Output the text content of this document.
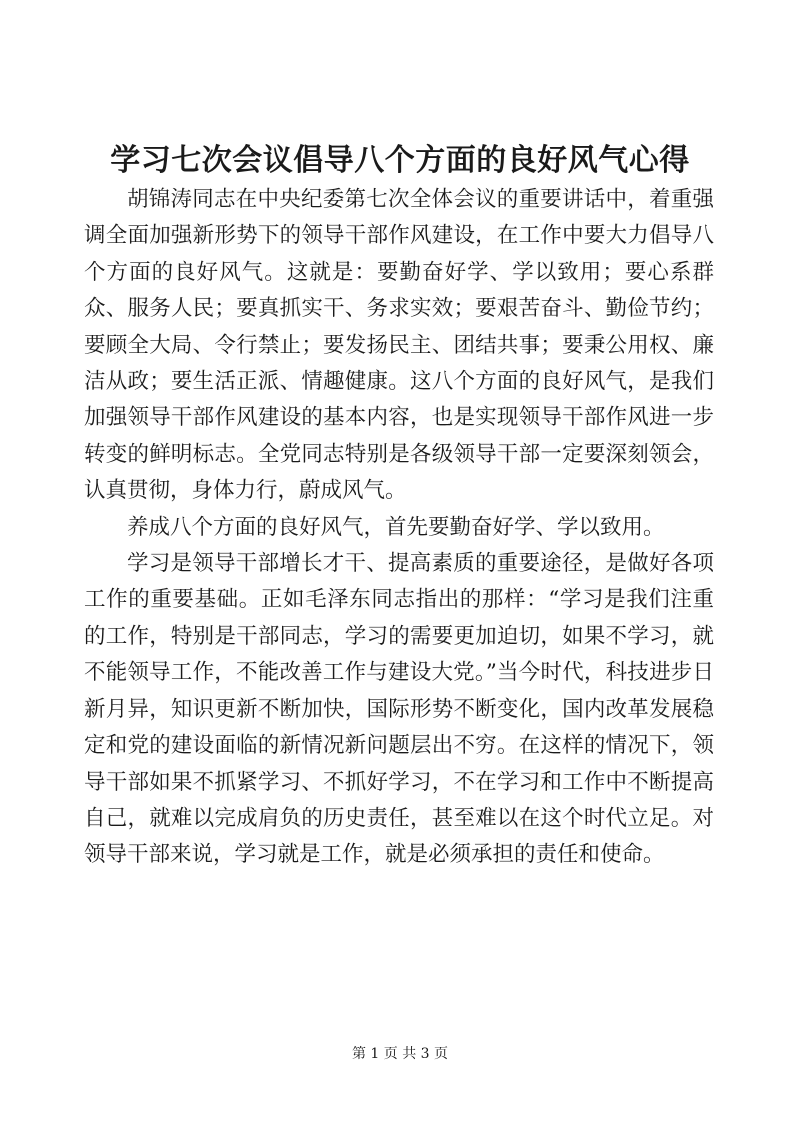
学习七次会议倡导八个方面的良好风气心得

胡锦涛同志在中央纪委第七次全体会议的重要讲话中，着重强调全面加强新形势下的领导干部作风建设，在工作中要大力倡导八个方面的良好风气。这就是：要勤奋好学、学以致用；要心系群众、服务人民；要真抓实干、务求实效；要艰苦奋斗、勤俭节约；要顾全大局、令行禁止；要发扬民主、团结共事；要秉公用权、廉洁从政；要生活正派、情趣健康。这八个方面的良好风气，是我们加强领导干部作风建设的基本内容，也是实现领导干部作风进一步转变的鲜明标志。全党同志特别是各级领导干部一定要深刻领会，认真贯彻，身体力行，蔚成风气。

养成八个方面的良好风气，首先要勤奋好学、学以致用。

学习是领导干部增长才干、提高素质的重要途径，是做好各项工作的重要基础。正如毛泽东同志指出的那样：“学习是我们注重的工作，特别是干部同志，学习的需要更加迫切，如果不学习，就不能领导工作，不能改善工作与建设大党。”当今时代，科技进步日新月异，知识更新不断加快，国际形势不断变化，国内改革发展稳定和党的建设面临的新情况新问题层出不穷。在这样的情况下，领导干部如果不抓紧学习、不抓好学习，不在学习和工作中不断提高自己，就难以完成肩负的历史责任，甚至难以在这个时代立足。对领导干部来说，学习就是工作，就是必须承担的责任和使命。

第 1 页 共 3 页
